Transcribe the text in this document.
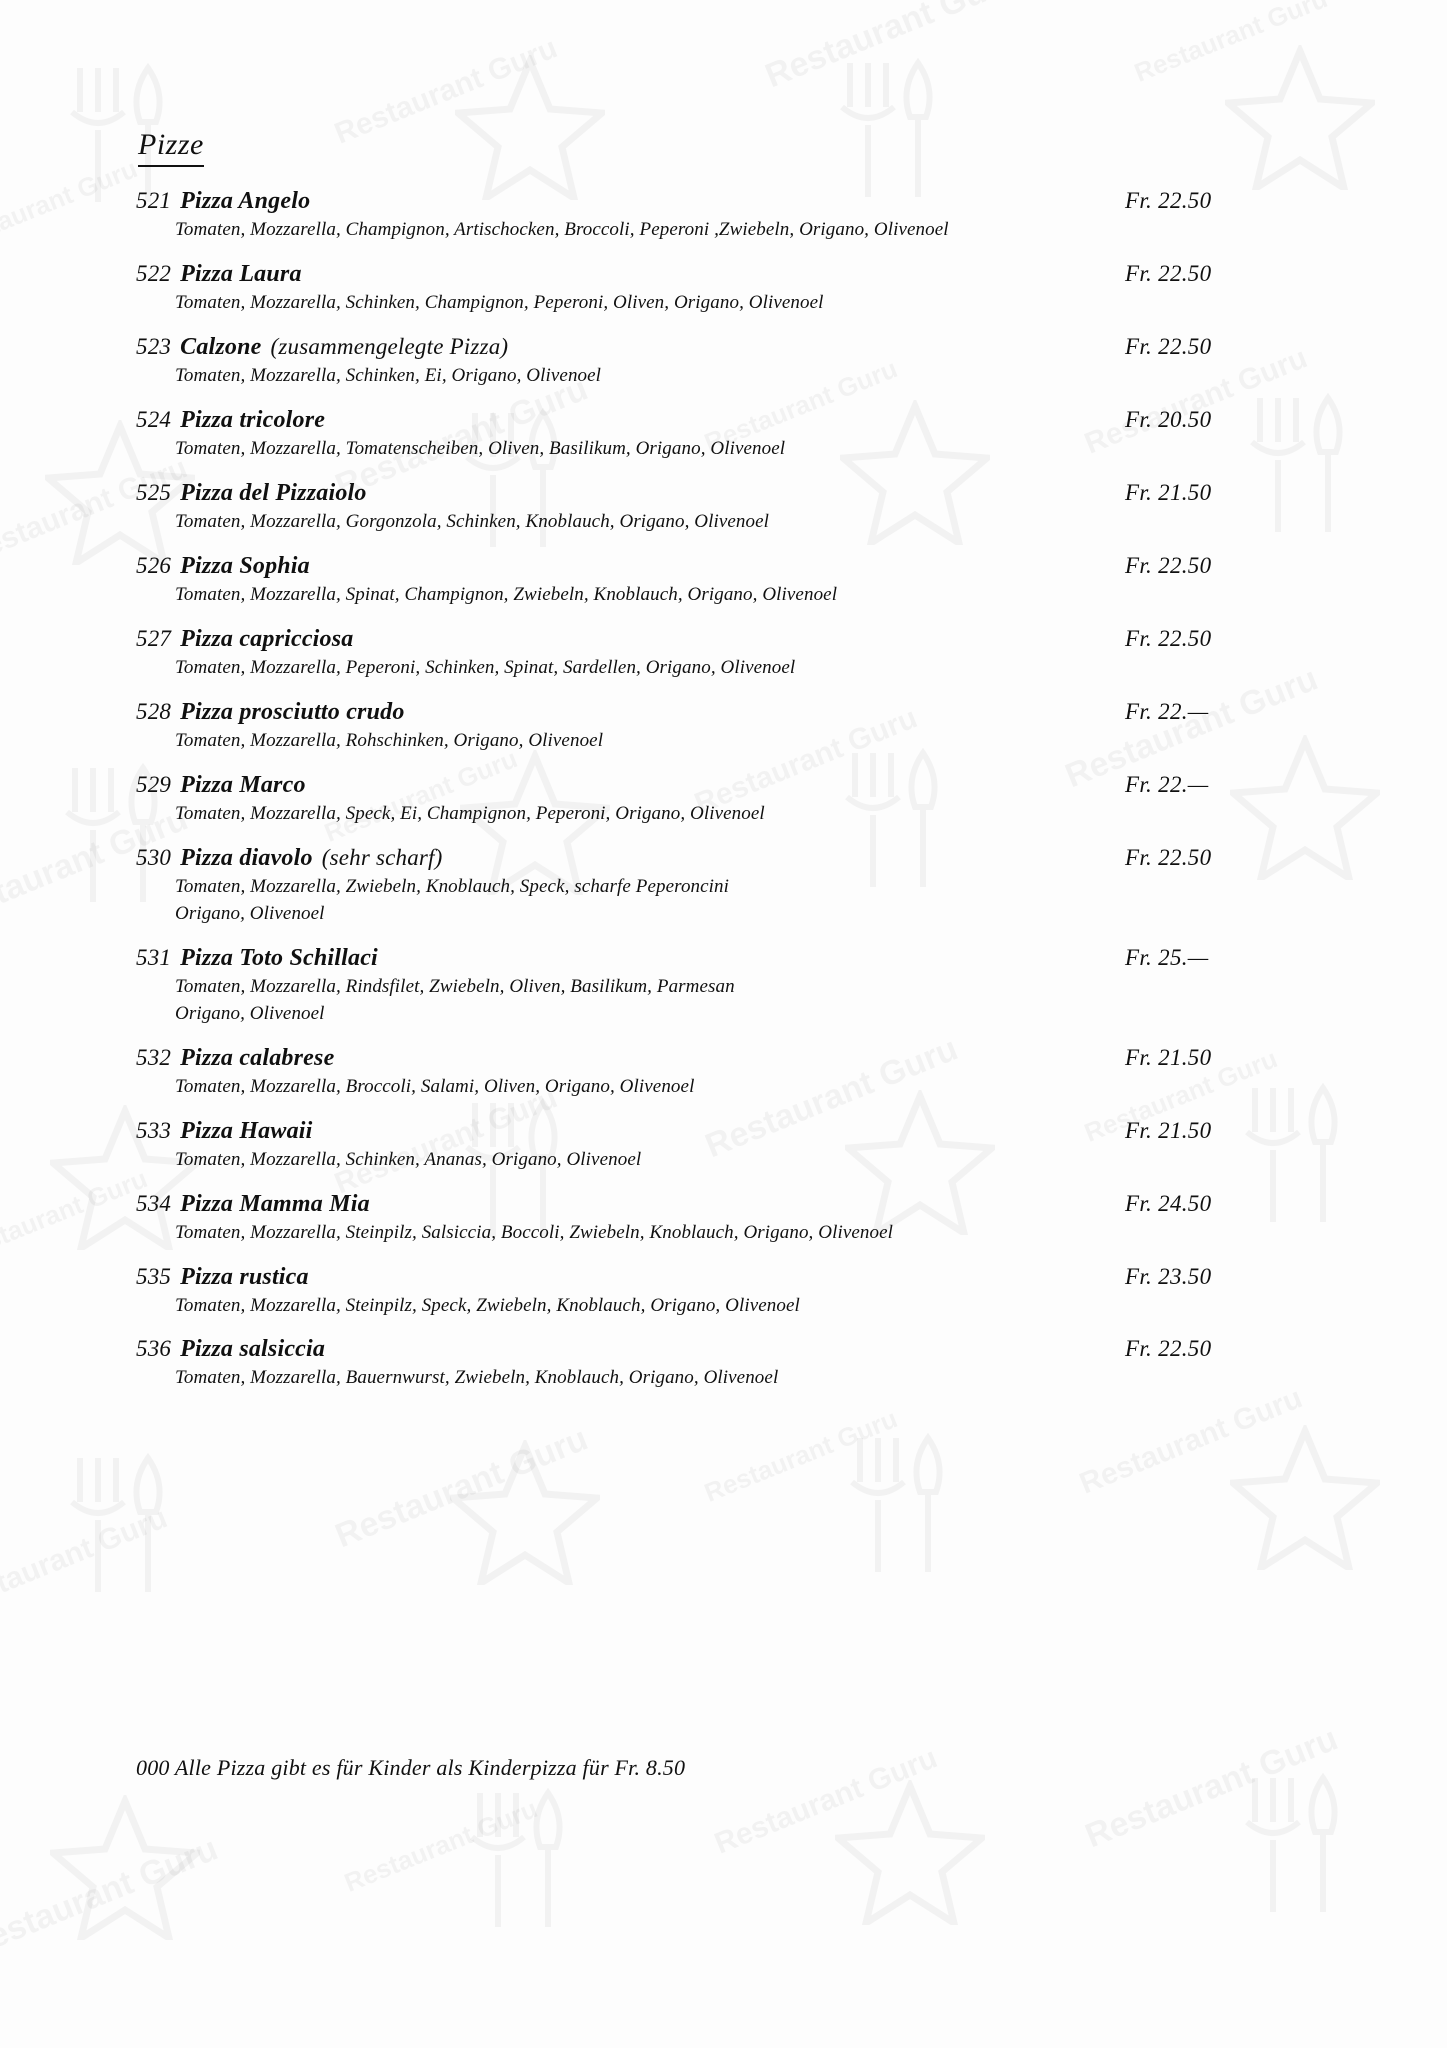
Pizze
521 Pizza Angelo	Fr. 22.50
Tomaten, Mozzarella, Champignon, Artischocken, Broccoli, Peperoni ,Zwiebeln, Origano, Olivenoel
522 Pizza Laura	Fr. 22.50
Tomaten, Mozzarella, Schinken, Champignon, Peperoni, Oliven, Origano, Olivenoel
523 Calzone (zusammengelegte Pizza)	Fr. 22.50
Tomaten, Mozzarella, Schinken, Ei, Origano, Olivenoel
524 Pizza tricolore	Fr. 20.50
Tomaten, Mozzarella, Tomatenscheiben, Oliven, Basilikum, Origano, Olivenoel
525 Pizza del Pizzaiolo	Fr. 21.50
Tomaten, Mozzarella, Gorgonzola, Schinken, Knoblauch, Origano, Olivenoel
526 Pizza Sophia	Fr. 22.50
Tomaten, Mozzarella, Spinat, Champignon, Zwiebeln, Knoblauch, Origano, Olivenoel
527 Pizza capricciosa	Fr. 22.50
Tomaten, Mozzarella, Peperoni, Schinken, Spinat, Sardellen, Origano, Olivenoel
528 Pizza prosciutto crudo	Fr. 22.—
Tomaten, Mozzarella, Rohschinken, Origano, Olivenoel
529 Pizza Marco	Fr. 22.—
Tomaten, Mozzarella, Speck, Ei, Champignon, Peperoni, Origano, Olivenoel
530 Pizza diavolo (sehr scharf)	Fr. 22.50
Tomaten, Mozzarella, Zwiebeln, Knoblauch, Speck, scharfe Peperoncini
Origano, Olivenoel
531 Pizza Toto Schillaci	Fr. 25.—
Tomaten, Mozzarella, Rindsfilet, Zwiebeln, Oliven, Basilikum, Parmesan
Origano, Olivenoel
532 Pizza calabrese	Fr. 21.50
Tomaten, Mozzarella, Broccoli, Salami, Oliven, Origano, Olivenoel
533 Pizza Hawaii	Fr. 21.50
Tomaten, Mozzarella, Schinken, Ananas, Origano, Olivenoel
534 Pizza Mamma Mia	Fr. 24.50
Tomaten, Mozzarella, Steinpilz, Salsiccia, Boccoli, Zwiebeln, Knoblauch, Origano, Olivenoel
535 Pizza rustica	Fr. 23.50
Tomaten, Mozzarella, Steinpilz, Speck, Zwiebeln, Knoblauch, Origano, Olivenoel
536 Pizza salsiccia	Fr. 22.50
Tomaten, Mozzarella, Bauernwurst, Zwiebeln, Knoblauch, Origano, Olivenoel
000 Alle Pizza gibt es für Kinder als Kinderpizza für Fr. 8.50
